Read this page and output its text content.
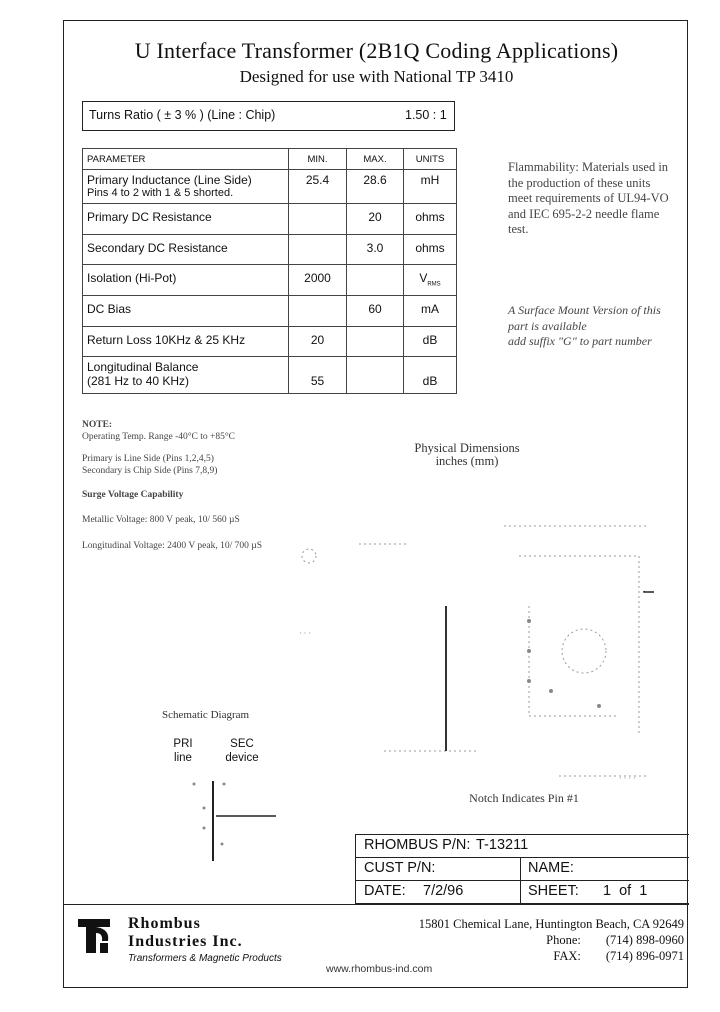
U Interface Transformer (2B1Q Coding Applications)
Designed for use with National TP 3410
Turns Ratio ( ± 3 % ) (Line : Chip)	1.50 : 1
PARAMETER	MIN.	MAX.	UNITS

Primary Inductance (Line Side)
Pins 4 to 2 with 1 & 5 shorted.	25.4	28.6	mH
Primary DC Resistance		20	ohms
Secondary DC Resistance		3.0	ohms
Isolation (Hi-Pot)	2000		$V_{RMS}$
DC Bias		60	mA
Return Loss 10KHz & 25 KHz	20		dB

Longitudinal Balance
(281 Hz to 40 KHz)	55		dB
Flammability: Materials used in
the production of these units
meet requirements of UL94-VO
and IEC 695-2-2 needle flame
test.
A Surface Mount Version of this
part is available
add suffix "G" to part number
NOTE:
Operating Temp. Range -40°C to +85°C
Primary is Line Side (Pins 1,2,4,5)
Secondary is Chip Side (Pins 7,8,9)
Surge Voltage Capability
Metallic Voltage: 800 V peak, 10/ 560 µS
Longitudinal Voltage: 2400 V peak, 10/ 700 µS
Physical Dimensions
inches (mm)
· · ·
· · · ·
Notch Indicates Pin #1
Schematic Diagram
PRI
line
SEC
device
RHOMBUS P/N: T-13211
CUST P/N:	NAME:
DATE: 7/2/96	SHEET: 1  of  1
Rhombus
Industries Inc.
Transformers & Magnetic Products
15801 Chemical Lane, Huntington Beach, CA 92649
Phone: (714) 898-0960
FAX: (714) 896-0971
www.rhombus-ind.com
